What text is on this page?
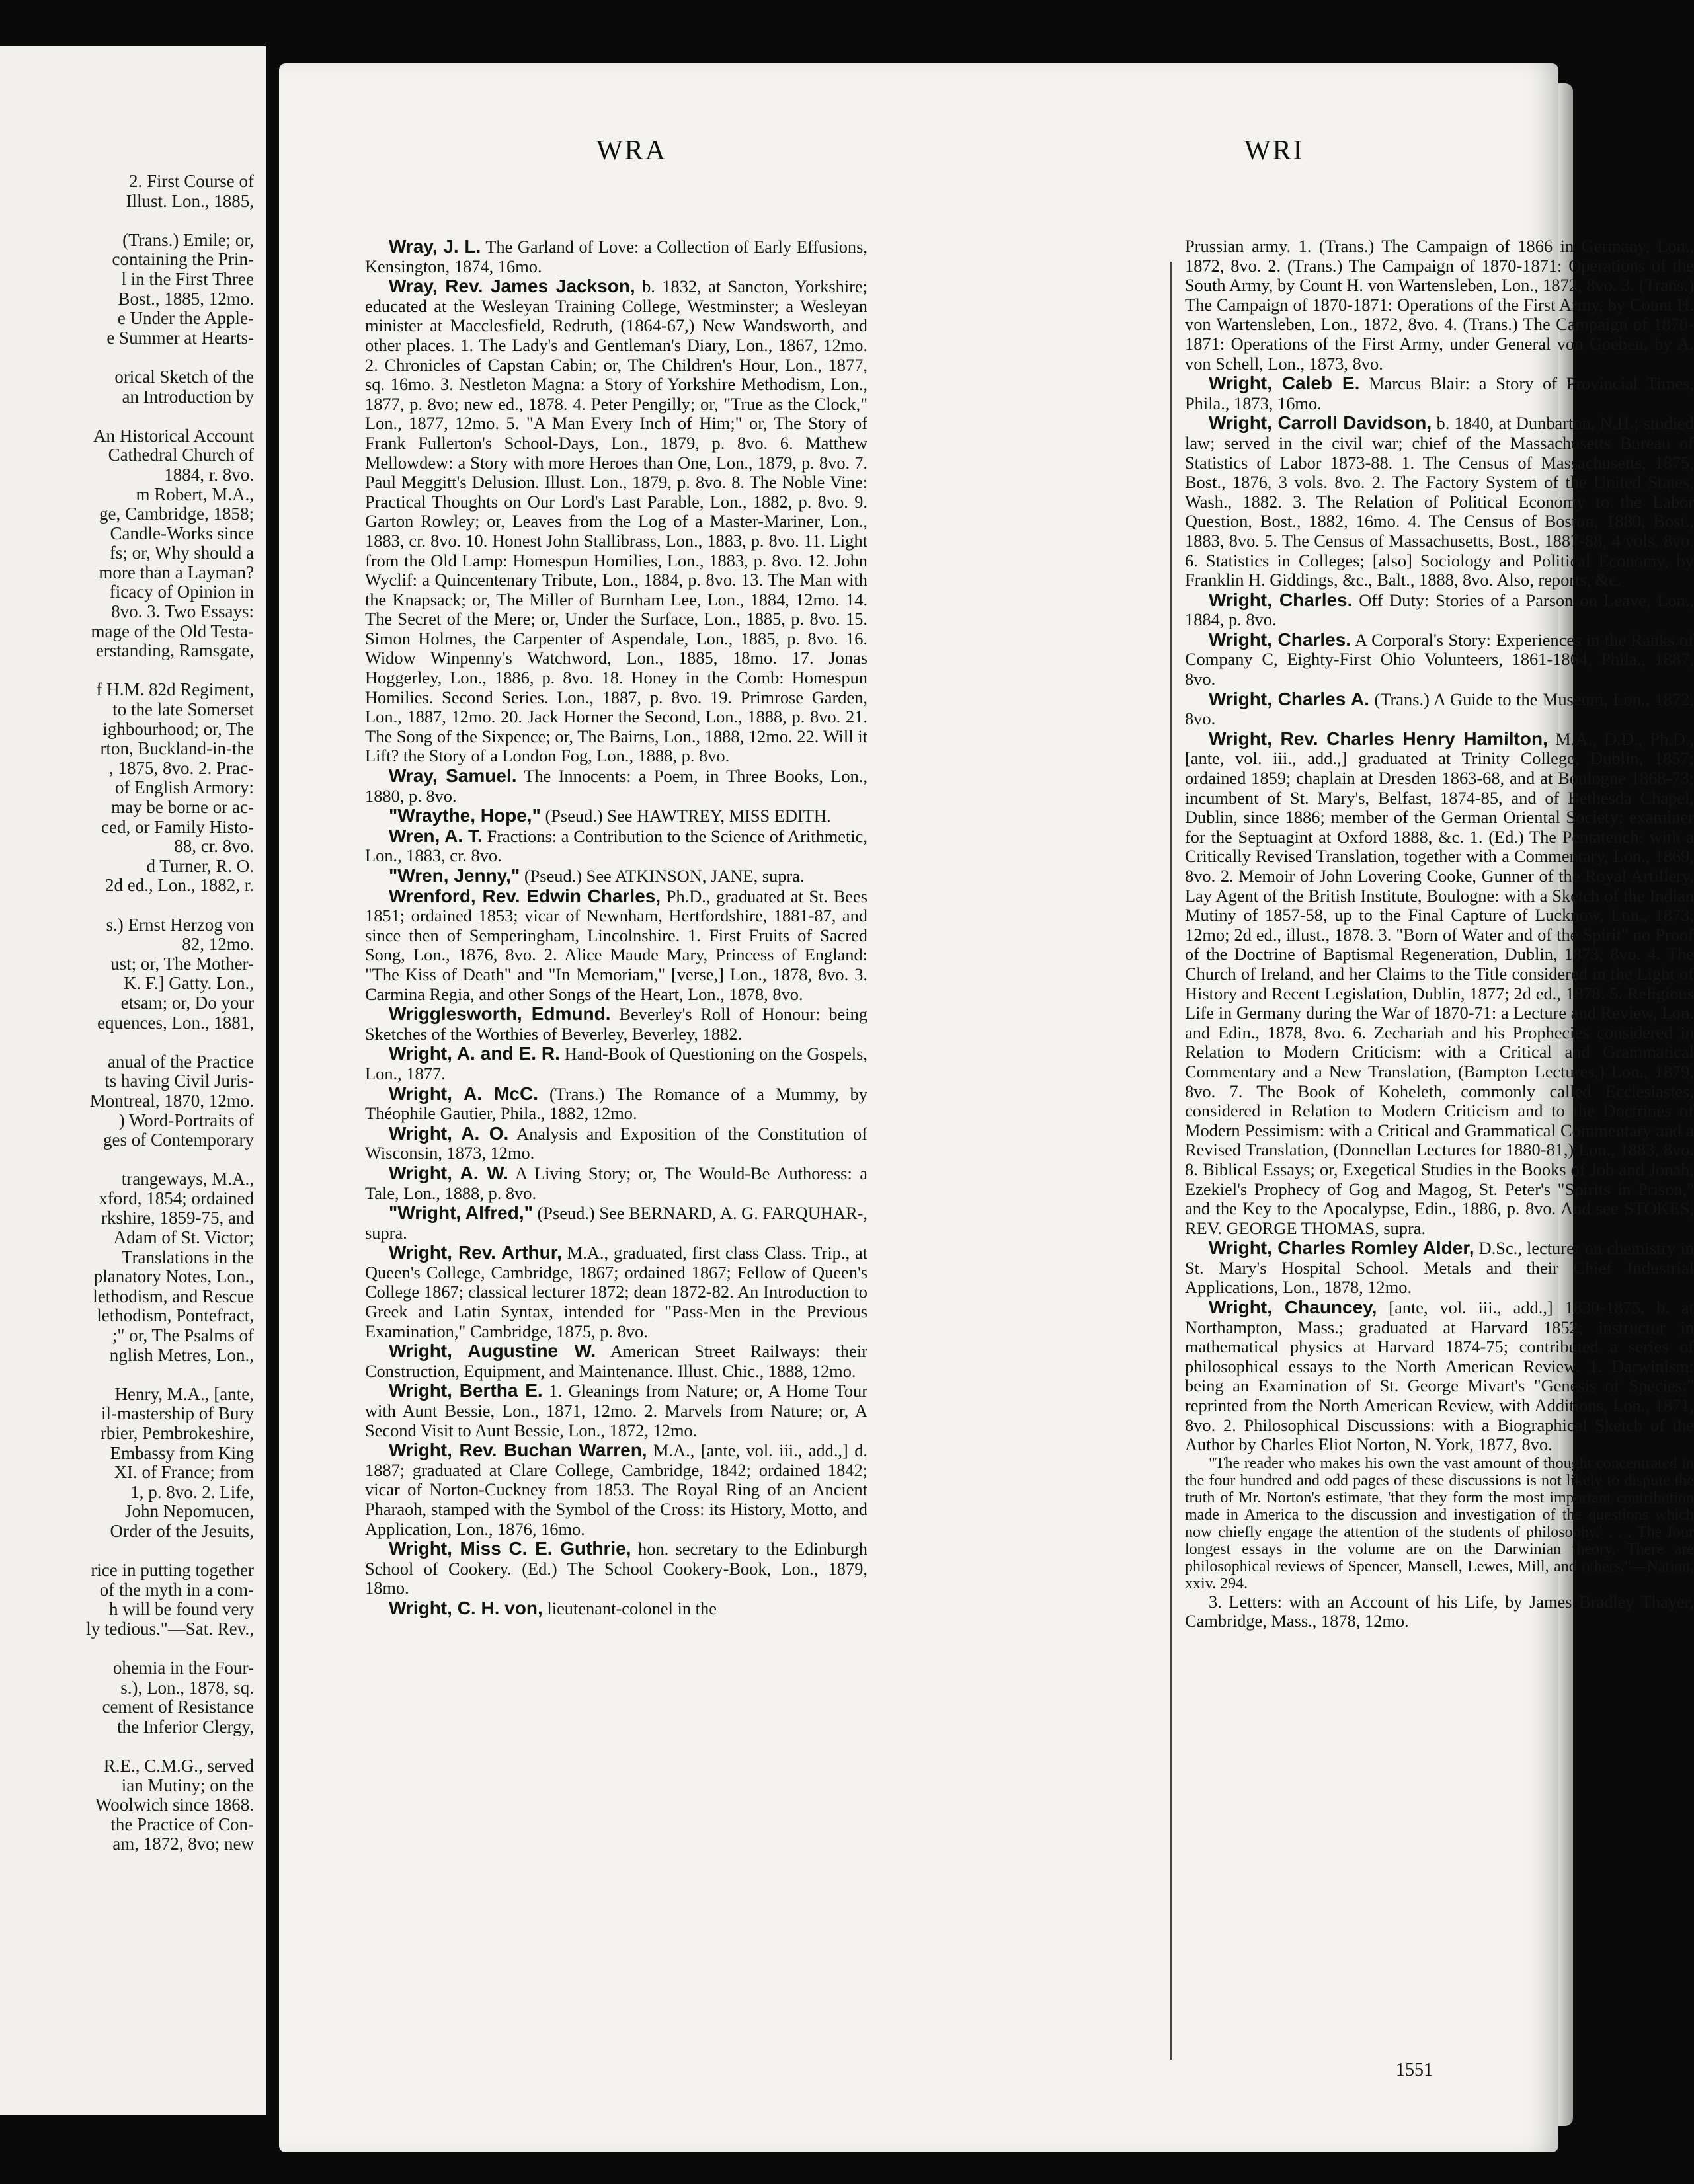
2. First Course of
Illust. Lon., 1885,
(Trans.) Emile; or,
containing the Prin-
l in the First Three
Bost., 1885, 12mo.
e Under the Apple-
e Summer at Hearts-
orical Sketch of the
an Introduction by
An Historical Account
Cathedral Church of
1884, r. 8vo.
m Robert, M.A.,
ge, Cambridge, 1858;
Candle-Works since
fs; or, Why should a
more than a Layman?
ficacy of Opinion in
8vo. 3. Two Essays:
mage of the Old Testa-
erstanding, Ramsgate,
f H.M. 82d Regiment,
to the late Somerset
ighbourhood; or, The
rton, Buckland-in-the
, 1875, 8vo. 2. Prac-
of English Armory:
may be borne or ac-
ced, or Family Histo-
88, cr. 8vo.
d Turner, R. O.
2d ed., Lon., 1882, r.
s.) Ernst Herzog von
82, 12mo.
ust; or, The Mother-
K. F.] Gatty. Lon.,
etsam; or, Do your
equences, Lon., 1881,
anual of the Practice
ts having Civil Juris-
Montreal, 1870, 12mo.
) Word-Portraits of
ges of Contemporary
trangeways, M.A.,
xford, 1854; ordained
rkshire, 1859-75, and
Adam of St. Victor;
Translations in the
planatory Notes, Lon.,
lethodism, and Rescue
lethodism, Pontefract,
;" or, The Psalms of
nglish Metres, Lon.,
Henry, M.A., [ante,
il-mastership of Bury
rbier, Pembrokeshire,
Embassy from King
XI. of France; from
1, p. 8vo. 2. Life,
John Nepomucen,
Order of the Jesuits,
rice in putting together
of the myth in a com-
h will be found very
ly tedious."—Sat. Rev.,
ohemia in the Four-
s.), Lon., 1878, sq.
cement of Resistance
the Inferior Clergy,
R.E., C.M.G., served
ian Mutiny; on the
Woolwich since 1868.
the Practice of Con-
am, 1872, 8vo; new
WRA	WRI

Wray, J. L. The Garland of Love: a Collection of Early Effusions, Kensington, 1874, 16mo.

Wray, Rev. James Jackson, b. 1832, at Sancton, Yorkshire; educated at the Wesleyan Training College, Westminster; a Wesleyan minister at Macclesfield, Redruth, (1864-67,) New Wandsworth, and other places. 1. The Lady's and Gentleman's Diary, Lon., 1867, 12mo. 2. Chronicles of Capstan Cabin; or, The Children's Hour, Lon., 1877, sq. 16mo. 3. Nestleton Magna: a Story of Yorkshire Methodism, Lon., 1877, p. 8vo; new ed., 1878. 4. Peter Pengilly; or, "True as the Clock," Lon., 1877, 12mo. 5. "A Man Every Inch of Him;" or, The Story of Frank Fullerton's School-Days, Lon., 1879, p. 8vo. 6. Matthew Mellowdew: a Story with more Heroes than One, Lon., 1879, p. 8vo. 7. Paul Meggitt's Delusion. Illust. Lon., 1879, p. 8vo. 8. The Noble Vine: Practical Thoughts on Our Lord's Last Parable, Lon., 1882, p. 8vo. 9. Garton Rowley; or, Leaves from the Log of a Master-Mariner, Lon., 1883, cr. 8vo. 10. Honest John Stallibrass, Lon., 1883, p. 8vo. 11. Light from the Old Lamp: Homespun Homilies, Lon., 1883, p. 8vo. 12. John Wyclif: a Quincentenary Tribute, Lon., 1884, p. 8vo. 13. The Man with the Knapsack; or, The Miller of Burnham Lee, Lon., 1884, 12mo. 14. The Secret of the Mere; or, Under the Surface, Lon., 1885, p. 8vo. 15. Simon Holmes, the Carpenter of Aspendale, Lon., 1885, p. 8vo. 16. Widow Winpenny's Watchword, Lon., 1885, 18mo. 17. Jonas Hoggerley, Lon., 1886, p. 8vo. 18. Honey in the Comb: Homespun Homilies. Second Series. Lon., 1887, p. 8vo. 19. Primrose Garden, Lon., 1887, 12mo. 20. Jack Horner the Second, Lon., 1888, p. 8vo. 21. The Song of the Sixpence; or, The Bairns, Lon., 1888, 12mo. 22. Will it Lift? the Story of a London Fog, Lon., 1888, p. 8vo.

Wray, Samuel. The Innocents: a Poem, in Three Books, Lon., 1880, p. 8vo.

"Wraythe, Hope," (Pseud.) See HAWTREY, MISS EDITH.

Wren, A. T. Fractions: a Contribution to the Science of Arithmetic, Lon., 1883, cr. 8vo.

"Wren, Jenny," (Pseud.) See ATKINSON, JANE, supra.

Wrenford, Rev. Edwin Charles, Ph.D., graduated at St. Bees 1851; ordained 1853; vicar of Newnham, Hertfordshire, 1881-87, and since then of Semperingham, Lincolnshire. 1. First Fruits of Sacred Song, Lon., 1876, 8vo. 2. Alice Maude Mary, Princess of England: "The Kiss of Death" and "In Memoriam," [verse,] Lon., 1878, 8vo. 3. Carmina Regia, and other Songs of the Heart, Lon., 1878, 8vo.

Wrigglesworth, Edmund. Beverley's Roll of Honour: being Sketches of the Worthies of Beverley, Beverley, 1882.

Wright, A. and E. R. Hand-Book of Questioning on the Gospels, Lon., 1877.

Wright, A. McC. (Trans.) The Romance of a Mummy, by Théophile Gautier, Phila., 1882, 12mo.

Wright, A. O. Analysis and Exposition of the Constitution of Wisconsin, 1873, 12mo.

Wright, A. W. A Living Story; or, The Would-Be Authoress: a Tale, Lon., 1888, p. 8vo.

"Wright, Alfred," (Pseud.) See BERNARD, A. G. FARQUHAR-, supra.

Wright, Rev. Arthur, M.A., graduated, first class Class. Trip., at Queen's College, Cambridge, 1867; ordained 1867; Fellow of Queen's College 1867; classical lecturer 1872; dean 1872-82. An Introduction to Greek and Latin Syntax, intended for "Pass-Men in the Previous Examination," Cambridge, 1875, p. 8vo.

Wright, Augustine W. American Street Railways: their Construction, Equipment, and Maintenance. Illust. Chic., 1888, 12mo.

Wright, Bertha E. 1. Gleanings from Nature; or, A Home Tour with Aunt Bessie, Lon., 1871, 12mo. 2. Marvels from Nature; or, A Second Visit to Aunt Bessie, Lon., 1872, 12mo.

Wright, Rev. Buchan Warren, M.A., [ante, vol. iii., add.,] d. 1887; graduated at Clare College, Cambridge, 1842; ordained 1842; vicar of Norton-Cuckney from 1853. The Royal Ring of an Ancient Pharaoh, stamped with the Symbol of the Cross: its History, Motto, and Application, Lon., 1876, 16mo.

Wright, Miss C. E. Guthrie, hon. secretary to the Edinburgh School of Cookery. (Ed.) The School Cookery-Book, Lon., 1879, 18mo.

Wright, C. H. von, lieutenant-colonel in the

Prussian army. 1. (Trans.) The Campaign of 1866 in Germany, Lon., 1872, 8vo. 2. (Trans.) The Campaign of 1870-1871: Operations of the South Army, by Count H. von Wartensleben, Lon., 1872, 8vo. 3. (Trans.) The Campaign of 1870-1871: Operations of the First Army, by Count H. von Wartensleben, Lon., 1872, 8vo. 4. (Trans.) The Campaign of 1870-1871: Operations of the First Army, under General von Goeben, by A. von Schell, Lon., 1873, 8vo.

Wright, Caleb E. Marcus Blair: a Story of Provincial Times, Phila., 1873, 16mo.

Wright, Carroll Davidson, b. 1840, at Dunbarton, N.H.; studied law; served in the civil war; chief of the Massachusetts Bureau of Statistics of Labor 1873-88. 1. The Census of Massachusetts, 1875, Bost., 1876, 3 vols. 8vo. 2. The Factory System of the United States, Wash., 1882. 3. The Relation of Political Economy to the Labor Question, Bost., 1882, 16mo. 4. The Census of Boston, 1880, Bost., 1883, 8vo. 5. The Census of Massachusetts, Bost., 1887-88, 4 vols. 8vo. 6. Statistics in Colleges; [also] Sociology and Political Economy, by Franklin H. Giddings, &c., Balt., 1888, 8vo. Also, reports, &c.

Wright, Charles. Off Duty: Stories of a Parson on Leave, Lon., 1884, p. 8vo.

Wright, Charles. A Corporal's Story: Experiences in the Ranks of Company C, Eighty-First Ohio Volunteers, 1861-1864, Phila., 1887, 8vo.

Wright, Charles A. (Trans.) A Guide to the Museum, Lon., 1872, 8vo.

Wright, Rev. Charles Henry Hamilton, M.A., D.D., Ph.D., [ante, vol. iii., add.,] graduated at Trinity College, Dublin, 1857; ordained 1859; chaplain at Dresden 1863-68, and at Boulogne 1868-73; incumbent of St. Mary's, Belfast, 1874-85, and of Bethesda Chapel, Dublin, since 1886; member of the German Oriental Society; examiner for the Septuagint at Oxford 1888, &c. 1. (Ed.) The Pentateuch: with a Critically Revised Translation, together with a Commentary, Lon., 1869, 8vo. 2. Memoir of John Lovering Cooke, Gunner of the Royal Artillery, Lay Agent of the British Institute, Boulogne: with a Sketch of the Indian Mutiny of 1857-58, up to the Final Capture of Lucknow, Lon., 1873, 12mo; 2d ed., illust., 1878. 3. "Born of Water and of the Spirit" no Proof of the Doctrine of Baptismal Regeneration, Dublin, 1873, 8vo. 4. The Church of Ireland, and her Claims to the Title considered in the Light of History and Recent Legislation, Dublin, 1877; 2d ed., 1878. 5. Religious Life in Germany during the War of 1870-71: a Lecture and Review, Lon. and Edin., 1878, 8vo. 6. Zechariah and his Prophecies considered in Relation to Modern Criticism: with a Critical and Grammatical Commentary and a New Translation, (Bampton Lectures,) Lon., 1879, 8vo. 7. The Book of Koheleth, commonly called Ecclesiastes, considered in Relation to Modern Criticism and to the Doctrines of Modern Pessimism: with a Critical and Grammatical Commentary and a Revised Translation, (Donnellan Lectures for 1880-81,) Lon., 1883, 8vo. 8. Biblical Essays; or, Exegetical Studies in the Books of Job and Jonah, Ezekiel's Prophecy of Gog and Magog, St. Peter's "Spirits in Prison," and the Key to the Apocalypse, Edin., 1886, p. 8vo. And see STOKES, REV. GEORGE THOMAS, supra.

Wright, Charles Romley Alder, D.Sc., lecturer on chemistry in St. Mary's Hospital School. Metals and their Chief Industrial Applications, Lon., 1878, 12mo.

Wright, Chauncey, [ante, vol. iii., add.,] 1830-1875, b. at Northampton, Mass.; graduated at Harvard 1852; instructor in mathematical physics at Harvard 1874-75; contributed a series of philosophical essays to the North American Review. 1. Darwinism: being an Examination of St. George Mivart's "Genesis of Species:" reprinted from the North American Review, with Additions, Lon., 1871, 8vo. 2. Philosophical Discussions: with a Biographical Sketch of the Author by Charles Eliot Norton, N. York, 1877, 8vo.

"The reader who makes his own the vast amount of thought concentrated in the four hundred and odd pages of these discussions is not likely to dispute the truth of Mr. Norton's estimate, 'that they form the most important contribution made in America to the discussion and investigation of the questions which now chiefly engage the attention of the students of philosophy.' . . . The four longest essays in the volume are on the Darwinian theory. There are philosophical reviews of Spencer, Mansell, Lewes, Mill, and others."—Nation, xxiv. 294.

3. Letters: with an Account of his Life, by James Bradley Thayer, Cambridge, Mass., 1878, 12mo.

1551
